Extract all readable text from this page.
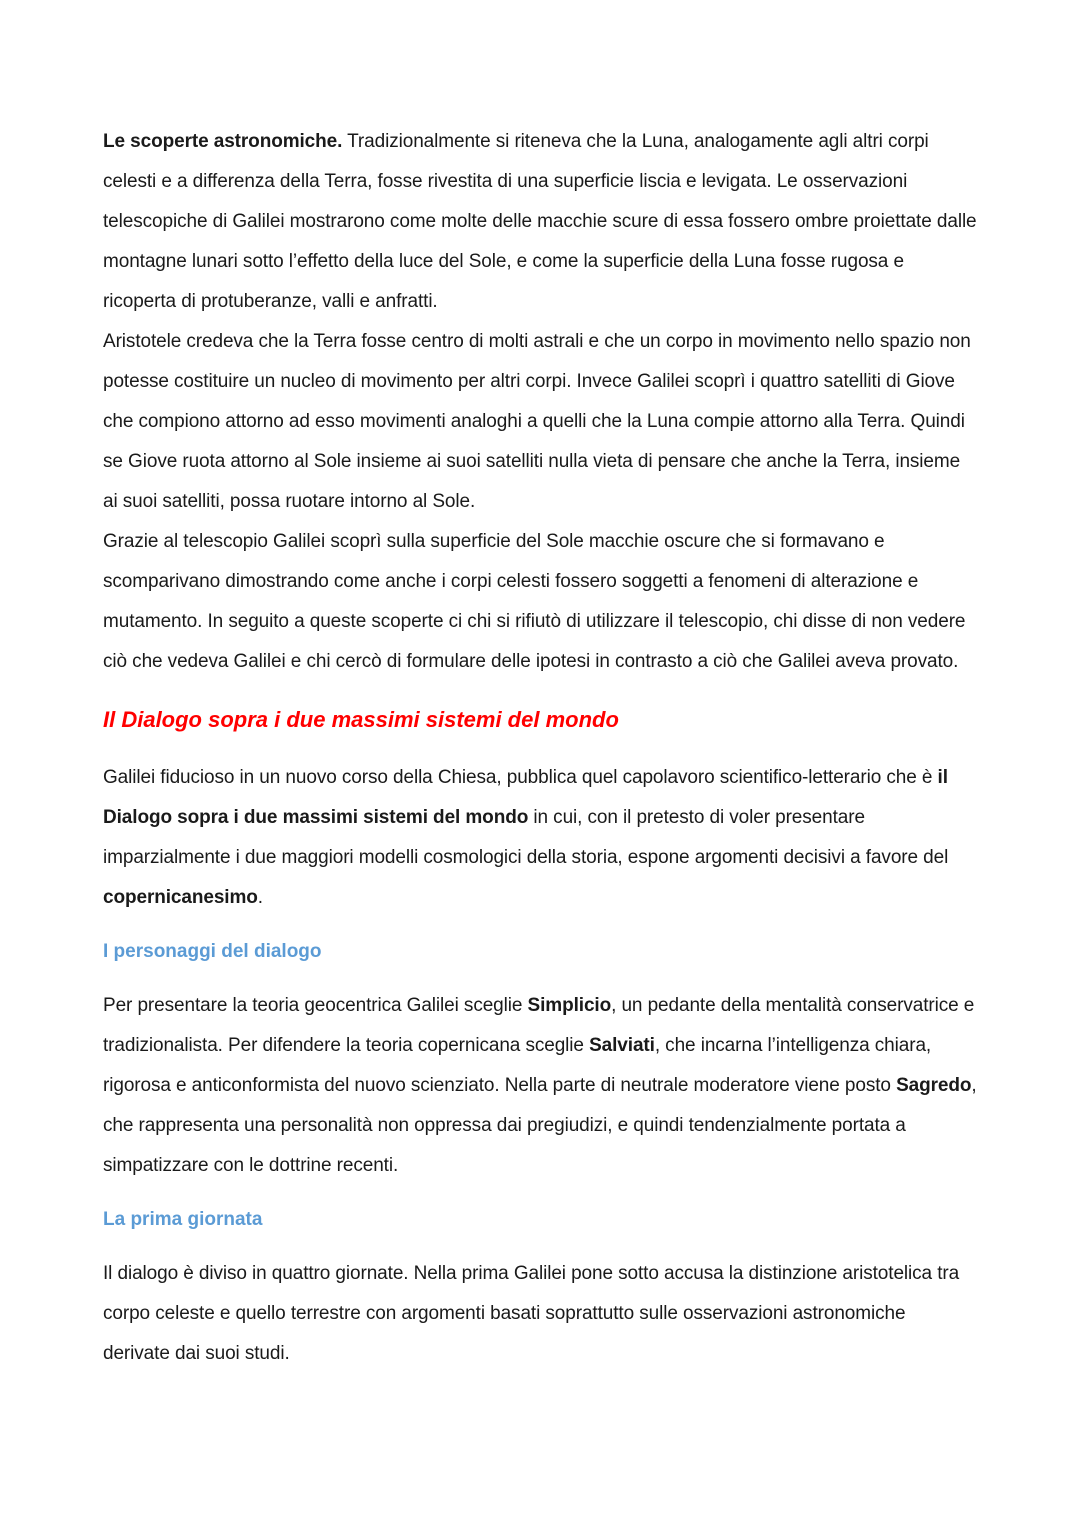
Le scoperte astronomiche. Tradizionalmente si riteneva che la Luna, analogamente agli altri corpi celesti e a differenza della Terra, fosse rivestita di una superficie liscia e levigata. Le osservazioni telescopiche di Galilei mostrarono come molte delle macchie scure di essa fossero ombre proiettate dalle montagne lunari sotto l’effetto della luce del Sole, e come la superficie della Luna fosse rugosa e ricoperta di protuberanze, valli e anfratti.

Aristotele credeva che la Terra fosse centro di molti astrali e che un corpo in movimento nello spazio non potesse costituire un nucleo di movimento per altri corpi. Invece Galilei scoprì i quattro satelliti di Giove che compiono attorno ad esso movimenti analoghi a quelli che la Luna compie attorno alla Terra. Quindi se Giove ruota attorno al Sole insieme ai suoi satelliti nulla vieta di pensare che anche la Terra, insieme ai suoi satelliti, possa ruotare intorno al Sole.

Grazie al telescopio Galilei scoprì sulla superficie del Sole macchie oscure che si formavano e scomparivano dimostrando come anche i corpi celesti fossero soggetti a fenomeni di alterazione e mutamento. In seguito a queste scoperte ci chi si rifiutò di utilizzare il telescopio, chi disse di non vedere ciò che vedeva Galilei e chi cercò di formulare delle ipotesi in contrasto a ciò che Galilei aveva provato.

Il Dialogo sopra i due massimi sistemi del mondo

Galilei fiducioso in un nuovo corso della Chiesa, pubblica quel capolavoro scientifico-letterario che è il Dialogo sopra i due massimi sistemi del mondo in cui, con il pretesto di voler presentare imparzialmente i due maggiori modelli cosmologici della storia, espone argomenti decisivi a favore del copernicanesimo.

I personaggi del dialogo

Per presentare la teoria geocentrica Galilei sceglie Simplicio, un pedante della mentalità conservatrice e tradizionalista. Per difendere la teoria copernicana sceglie Salviati, che incarna l’intelligenza chiara, rigorosa e anticonformista del nuovo scienziato. Nella parte di neutrale moderatore viene posto Sagredo, che rappresenta una personalità non oppressa dai pregiudizi, e quindi tendenzialmente portata a simpatizzare con le dottrine recenti.

La prima giornata

Il dialogo è diviso in quattro giornate. Nella prima Galilei pone sotto accusa la distinzione aristotelica tra corpo celeste e quello terrestre con argomenti basati soprattutto sulle osservazioni astronomiche derivate dai suoi studi.
